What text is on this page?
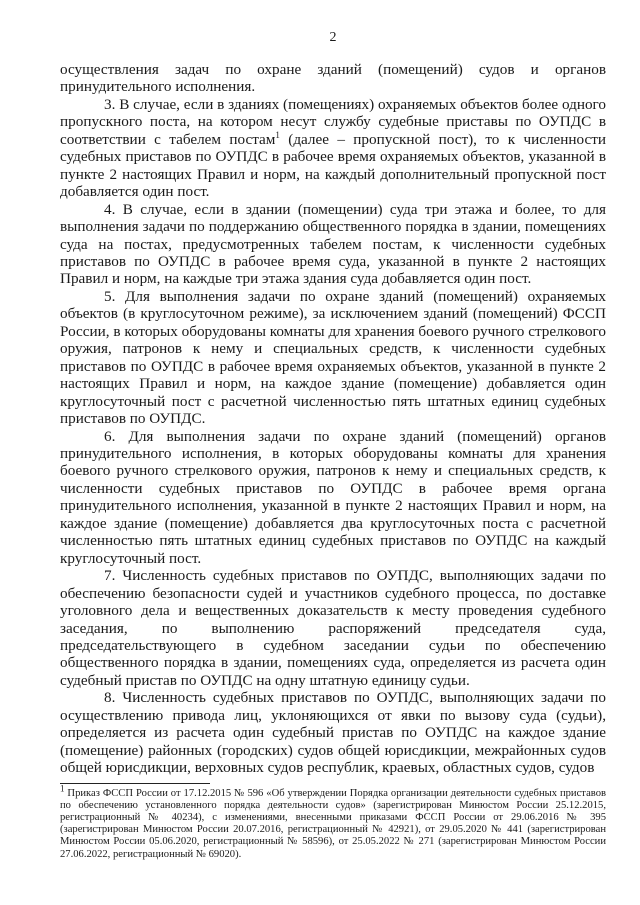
2

осуществления задач по охране зданий (помещений) судов и органов принудительного исполнения.

3. В случае, если в зданиях (помещениях) охраняемых объектов более одного пропускного поста, на котором несут службу судебные приставы по ОУПДС в соответствии с табелем постам$^1$ (далее – пропускной пост), то к численности судебных приставов по ОУПДС в рабочее время охраняемых объектов, указанной в пункте 2 настоящих Правил и норм, на каждый дополнительный пропускной пост добавляется один пост.

4. В случае, если в здании (помещении) суда три этажа и более, то для выполнения задачи по поддержанию общественного порядка в здании, помещениях суда на постах, предусмотренных табелем постам, к численности судебных приставов по ОУПДС в рабочее время суда, указанной в пункте 2 настоящих Правил и норм, на каждые три этажа здания суда добавляется один пост.

5. Для выполнения задачи по охране зданий (помещений) охраняемых объектов (в круглосуточном режиме), за исключением зданий (помещений) ФССП России, в которых оборудованы комнаты для хранения боевого ручного стрелкового оружия, патронов к нему и специальных средств, к численности судебных приставов по ОУПДС в рабочее время охраняемых объектов, указанной в пункте 2 настоящих Правил и норм, на каждое здание (помещение) добавляется один круглосуточный пост с расчетной численностью пять штатных единиц судебных приставов по ОУПДС.

6. Для выполнения задачи по охране зданий (помещений) органов принудительного исполнения, в которых оборудованы комнаты для хранения боевого ручного стрелкового оружия, патронов к нему и специальных средств, к численности судебных приставов по ОУПДС в рабочее время органа принудительного исполнения, указанной в пункте 2 настоящих Правил и норм, на каждое здание (помещение) добавляется два круглосуточных поста с расчетной численностью пять штатных единиц судебных приставов по ОУПДС на каждый круглосуточный пост.

7. Численность судебных приставов по ОУПДС, выполняющих задачи по обеспечению безопасности судей и участников судебного процесса, по доставке уголовного дела и вещественных доказательств к месту проведения судебного заседания, по выполнению распоряжений председателя суда, председательствующего в судебном заседании судьи по обеспечению общественного порядка в здании, помещениях суда, определяется из расчета один судебный пристав по ОУПДС на одну штатную единицу судьи.

8. Численность судебных приставов по ОУПДС, выполняющих задачи по осуществлению привода лиц, уклоняющихся от явки по вызову суда (судьи), определяется из расчета один судебный пристав по ОУПДС на каждое здание (помещение) районных (городских) судов общей юрисдикции, межрайонных судов общей юрисдикции, верховных судов республик, краевых, областных судов, судов

$^1$ Приказ ФССП России от 17.12.2015 № 596 «Об утверждении Порядка организации деятельности судебных приставов по обеспечению установленного порядка деятельности судов» (зарегистрирован Минюстом России 25.12.2015, регистрационный № 40234), с изменениями, внесенными приказами ФССП России от 29.06.2016 № 395 (зарегистрирован Минюстом России 20.07.2016, регистрационный № 42921), от 29.05.2020 № 441 (зарегистрирован Минюстом России 05.06.2020, регистрационный № 58596), от 25.05.2022 № 271 (зарегистрирован Минюстом России 27.06.2022, регистрационный № 69020).
